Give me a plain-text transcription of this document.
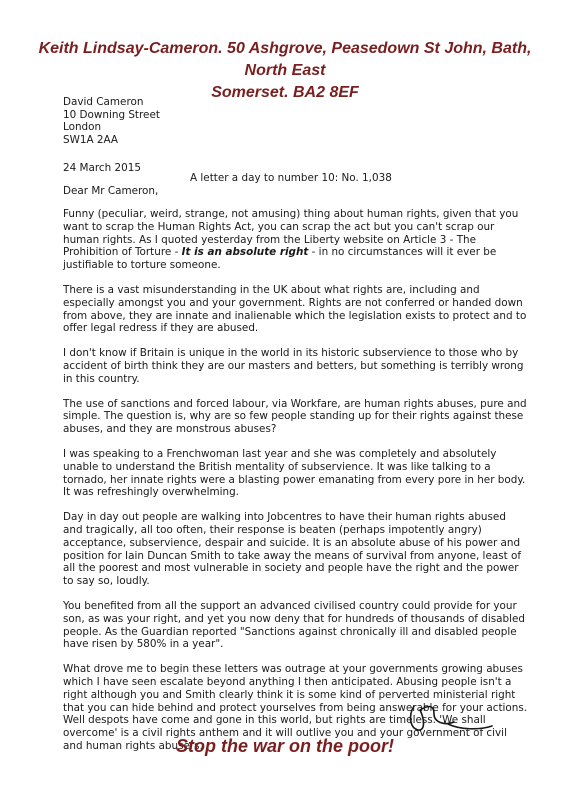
Keith Lindsay-Cameron. 50 Ashgrove, Peasedown St John, Bath, North East
Somerset. BA2 8EF
David Cameron
10 Downing Street
London
SW1A 2AA
24 March 2015
A letter a day to number 10: No. 1,038
Dear Mr Cameron,

Funny (peculiar, weird, strange, not amusing) thing about human rights, given that you want to scrap the Human Rights Act, you can scrap the act but you can't scrap our human rights. As I quoted yesterday from the Liberty website on Article 3 - The Prohibition of Torture - It is an absolute right - in no circumstances will it ever be justifiable to torture someone.

There is a vast misunderstanding in the UK about what rights are, including and especially amongst you and your government. Rights are not conferred or handed down from above, they are innate and inalienable which the legislation exists to protect and to offer legal redress if they are abused.

I don't know if Britain is unique in the world in its historic subservience to those who by accident of birth think they are our masters and betters, but something is terribly wrong in this country.

The use of sanctions and forced labour, via Workfare, are human rights abuses, pure and simple. The question is, why are so few people standing up for their rights against these abuses, and they are monstrous abuses?

I was speaking to a Frenchwoman last year and she was completely and absolutely unable to understand the British mentality of subservience. It was like talking to a tornado, her innate rights were a blasting power emanating from every pore in her body. It was refreshingly overwhelming.

Day in day out people are walking into Jobcentres to have their human rights abused and tragically, all too often, their response is beaten (perhaps impotently angry) acceptance, subservience, despair and suicide. It is an absolute abuse of his power and position for Iain Duncan Smith to take away the means of survival from anyone, least of all the poorest and most vulnerable in society and people have the right and the power to say so, loudly.

You benefited from all the support an advanced civilised country could provide for your son, as was your right, and yet you now deny that for hundreds of thousands of disabled people. As the Guardian reported "Sanctions against chronically ill and disabled people have risen by 580% in a year".

What drove me to begin these letters was outrage at your governments growing abuses which I have seen escalate beyond anything I then anticipated. Abusing people isn't a right although you and Smith clearly think it is some kind of perverted ministerial right that you can hide behind and protect yourselves from being answerable for your actions. Well despots have come and gone in this world, but rights are timeless. 'We shall overcome' is a civil rights anthem and it will outlive you and your government of civil and human rights abusers.

Stop the war on the poor!
